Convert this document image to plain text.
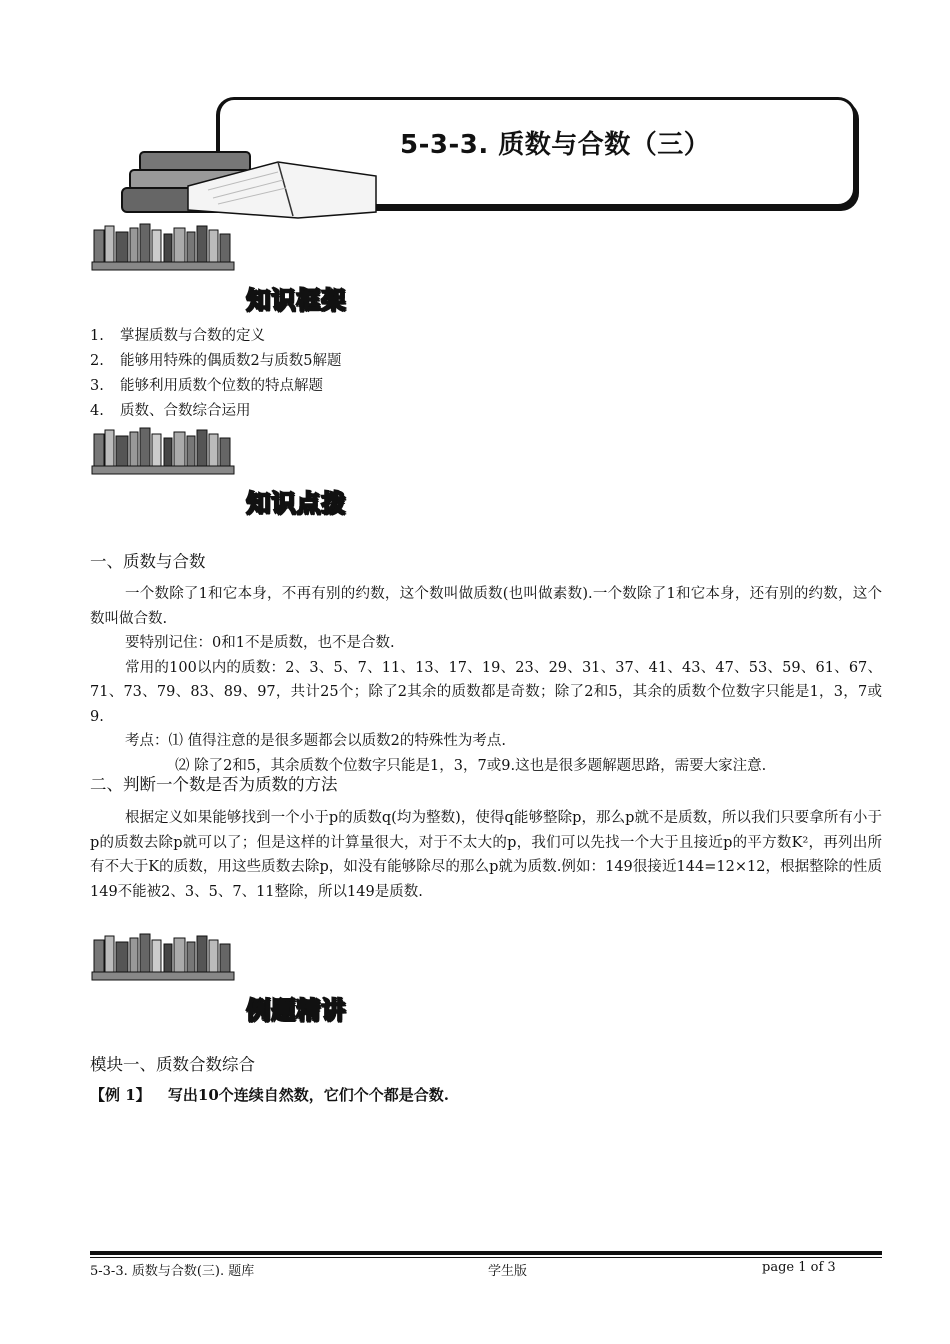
5-3-3. 质数与合数（三）
知识框架
1. 掌握质数与合数的定义
2. 能够用特殊的偶质数2与质数5解题
3. 能够利用质数个位数的特点解题
4. 质数、合数综合运用
知识点拨
一、质数与合数

一个数除了1和它本身，不再有别的约数，这个数叫做质数(也叫做素数).一个数除了1和它本身，还有别的约数，这个数叫做合数.

要特别记住：0和1不是质数，也不是合数.

常用的100以内的质数：2、3、5、7、11、13、17、19、23、29、31、37、41、43、47、53、59、61、67、71、73、79、83、89、97，共计25个；除了2其余的质数都是奇数；除了2和5，其余的质数个位数字只能是1，3，7或9.

考点：⑴ 值得注意的是很多题都会以质数2的特殊性为考点.

⑵ 除了2和5，其余质数个位数字只能是1，3，7或9.这也是很多题解题思路，需要大家注意.

二、判断一个数是否为质数的方法

根据定义如果能够找到一个小于p的质数q(均为整数)，使得q能够整除p，那么p就不是质数，所以我们只要拿所有小于p的质数去除p就可以了；但是这样的计算量很大，对于不太大的p，我们可以先找一个大于且接近p的平方数K²，再列出所有不大于K的质数，用这些质数去除p，如没有能够除尽的那么p就为质数.例如：149很接近144=12×12，根据整除的性质149不能被2、3、5、7、11整除，所以149是质数.

例题精讲
模块一、质数合数综合
【例 1】 写出10个连续自然数，它们个个都是合数.
5-3-3. 质数与合数(三). 题库	学生版	page 1 of 3
